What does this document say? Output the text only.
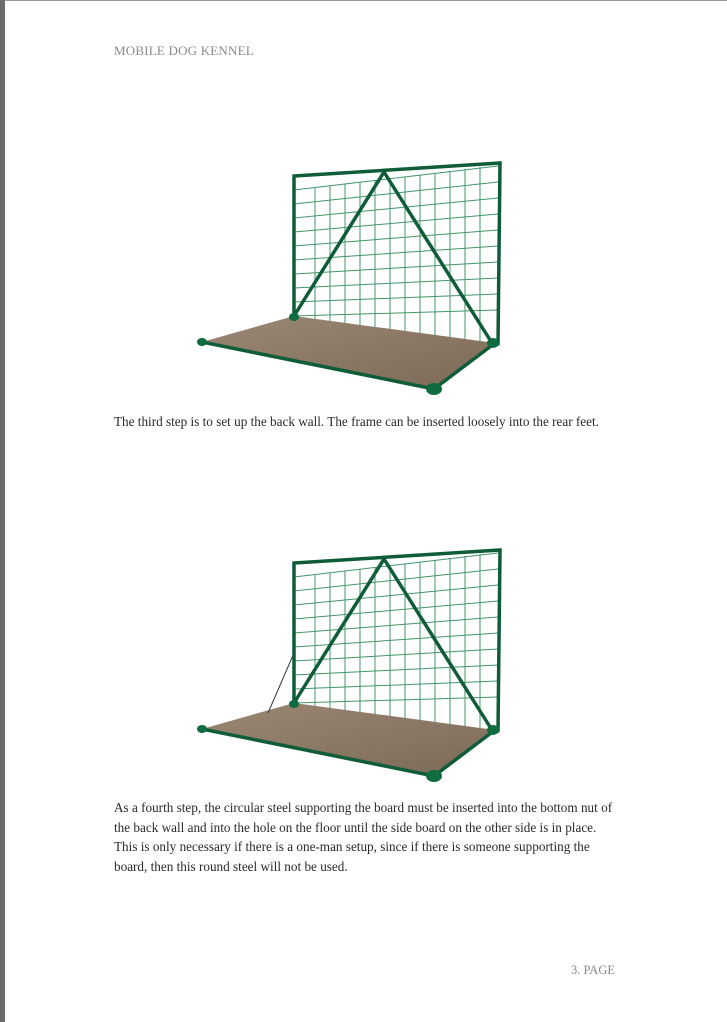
MOBILE DOG KENNEL
The third step is to set up the back wall. The frame can be inserted loosely into the rear feet.
As a fourth step, the circular steel supporting the board must be inserted into the bottom nut of the back wall and into the hole on the floor until the side board on the other side is in place. This is only necessary if there is a one-man setup, since if there is someone supporting the board, then this round steel will not be used.
3. PAGE
